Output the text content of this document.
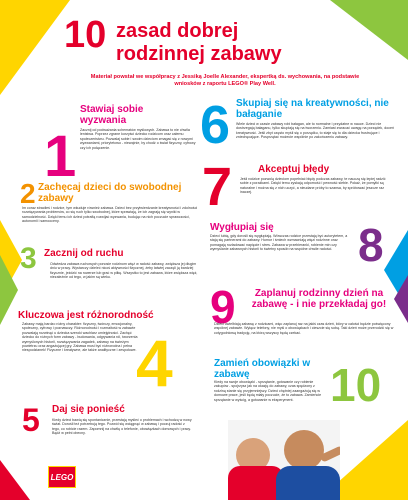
10 zasad dobrej
rodzinnej zabawy
Materiał powstał we współpracy z Jessiką Joelle Alexander, ekspertką ds. wychowania, na podstawie wniosków z raportu LEGO® Play Well.
1
Stawiaj sobie wyzwania
Zacznij od podważania schematów myślowych. Zabawa to nie chwila lenistwa. Poprzez zgrane korzyści dziecko rodzicom oraz całemu społeczeństwu. Pozwalaj sobie i swoim dzieciom zmagać się z nowymi wyzwaniami, priorytetowo - niewątnie, by chodź o świat fizyczny, cyfrowy czy ich połączenie.
2 Zachęcaj dzieci do swobodnej zabawy
Im coraz straciłeś i rodzice, tym wkuduje również zabawa. Dzieci bez przytwierdzanie kreatywności i zdolności rozwiązywania problemów, co się ruch tylko swobodnej, które sprawiają, że ich zagrają się wyniki w samodzielność. Dzięki temu ich dzieci potrafią rozwijać wyzwania, budując na nich poczucie sprawczości, autonomii i samooceny.
3 Zacznij od ruchu
Odwiedza zabawa ruchowych ponosie rodzinom więź w radość zabawy, zwiększa jej długim dniu w pracy. Wystarczy dzieleć nicoś aktywności fizycznej, żeby łatwiej zaczęli ją bardziej fizycznie, jeździć na rowerze lub grać w piłkę. Wszystko to jest zabawa, które zwiększa więź, niezależnie od tego, w jakim są wieku.
Kluczowa jest różnorodność
Zabawy mają bardzo różny charakter: fizyczny, twórczy, emocjonalny, społeczny, cyfrowy i poznawczy. Różnorodność i rozmaitość w zabawie pozwalają rozwinąć u dziecka szeroki wachlarz umiejętności. Zachęć dziecko do różnych form zabawy - budowania, odgrywania ról, tworzenia wymyślonych historii, rozwiązywania zagadek, zabawy na świeżym powietrzu oraz angażującej gry. Zabawa musi być różnorodna i pełna niespodzianek! Fizyczne i kreatywne, ale także analityczne i zespołowe. 4
5 Daj się ponieść
Kiedy dzieci bawią się spontanicznie, przestają myśleć o problemach i wchodzą w nowy świat. Dorośli też potrzebują tego. Pozwól się wciągnąć w zabawę i poczuj radość z tego, co robicie razem. Zapomnij na chwilę o telefonie, obowiązkach domowych i pracy. Bądź w pełni obecny.
LEGO
6 Skupiaj się na kreatywności, nie bałaganie
Wiele dzieci w czasie zabawy robi bałagan, ale to normalne i przydatne w nauce. Dzieci nie dostrzegają bałaganu, tylko skupiają się na tworzeniu. Zamiast zwracać uwagę na porządek, doceń kreatywność. Jeśli zbyt często myśli się o porządku, to staje się to dla dziecka frustrujące i zniechęcające. Posprzątać możecie wspólnie po zakończeniu zabawy.
7	Akceptuj błędy
Jeśli rodzice pozwolą dzieciom popełniać błędy podczas zabawy, te nauczą się lepiej radzić sobie z porażkami. Dzięki temu zyskają odporność i pewność siebie. Pokaż, że pomyłki są naturalne i można się z nich uczyć, a nieudane próby to szansa, by spróbować jeszcze raz inaczej.
Wygłupiaj się
Dzieci lubią, gdy dorośli się wygłupiają. Wówczas rodzice przestają być autorytetem, a stają się partnerami do zabawy. Humor i śmiech wzmacniają więzi rodzinne oraz pomagają rozładować napięcie i stres. Zabawa w przebieranki, robienie min czy wymyślanie zabawnych historii to świetny sposób na wspólne chwile radości. 8
9	Zaplanuj rodzinny dzień na zabawę - i nie przekładaj go!
Dzieci uwielbiają zabawę z rodzicami, więc zaplanuj raz na jakiś czas dzień, który w całości będzie poświęcony wspólnej zabawie. Wyłącz telefony, nie myśl o obowiązkach i cieszcie się sobą. Taki dzień może przerodzić się w cotygodniową tradycję, na którą wszyscy będą czekać.
Zamień obowiązki w zabawę
Kiedy na swoje obowiązki - sprzątanie, gotowanie czy robienie zakupów - spojrzysz jak na okazję do zabawy, czas spędzony z rodziną stanie się przyjemniejszy. Dzieci chętniej zaangażują się w domowe prace, jeśli będą miały poczucie, że to zabawa. Zamieńcie sprzątanie w wyścig, a gotowanie w eksperyment. 10
